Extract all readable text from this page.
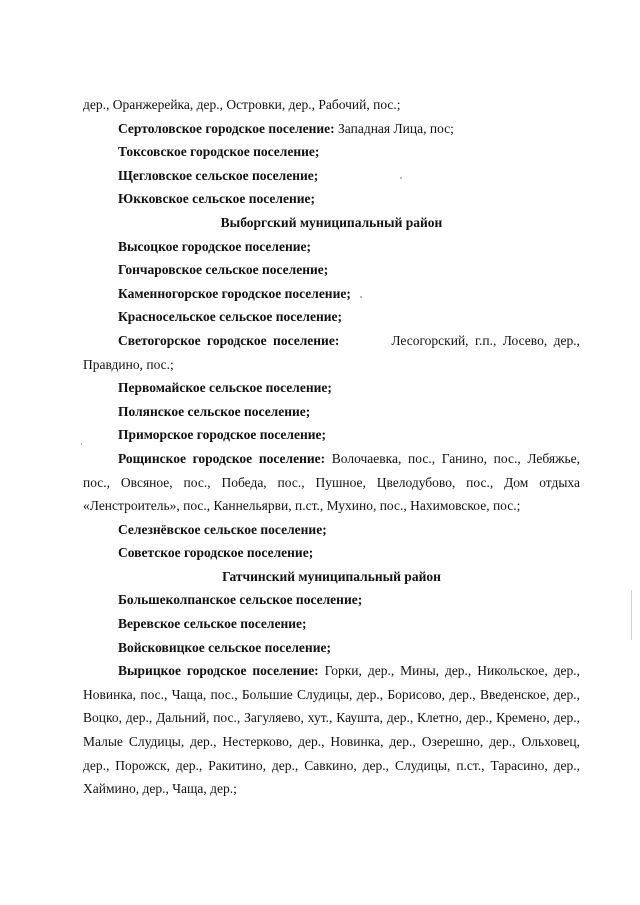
дер., Оранжерейка, дер., Островки, дер., Рабочий, пос.;

Сертоловское городское поселение: Западная Лица, пос;

Токсовское городское поселение;

Щегловское сельское поселение;

Юкковское сельское поселение;

Выборгский муниципальный район

Высоцкое городское поселение;

Гончаровское сельское поселение;

Каменногорское городское поселение;

Красносельское сельское поселение;

Светогорское городское поселение:	Лесогорский, г.п., Лосево, дер., Правдино, пос.;

Первомайское сельское поселение;

Полянское сельское поселение;

Приморское городское поселение;

Рощинское городское поселение: Волочаевка, пос., Ганино, пос., Лебяжье, пос., Овсяное, пос., Победа, пос., Пушное, Цвелодубово, пос., Дом отдыха «Ленстроитель», пос., Каннельярви, п.ст., Мухино, пос., Нахимовское, пос.;

Селезнёвское сельское поселение;

Советское городское поселение;

Гатчинский муниципальный район

Большеколпанское сельское поселение;

Веревское сельское поселение;

Войсковицкое сельское поселение;

Вырицкое городское поселение: Горки, дер., Мины, дер., Никольское, дер., Новинка, пос., Чаща, пос., Большие Слудицы, дер., Борисово, дер., Введенское, дер., Воцко, дер., Дальний, пос., Загуляево, хут., Каушта, дер., Клетно, дер., Кремено, дер., Малые Слудицы, дер., Нестерково, дер., Новинка, дер., Озерешно, дер., Ольховец, дер., Порожск, дер., Ракитино, дер., Савкино, дер., Слудицы, п.ст., Тарасино, дер., Хаймино, дер., Чаща, дер.;
